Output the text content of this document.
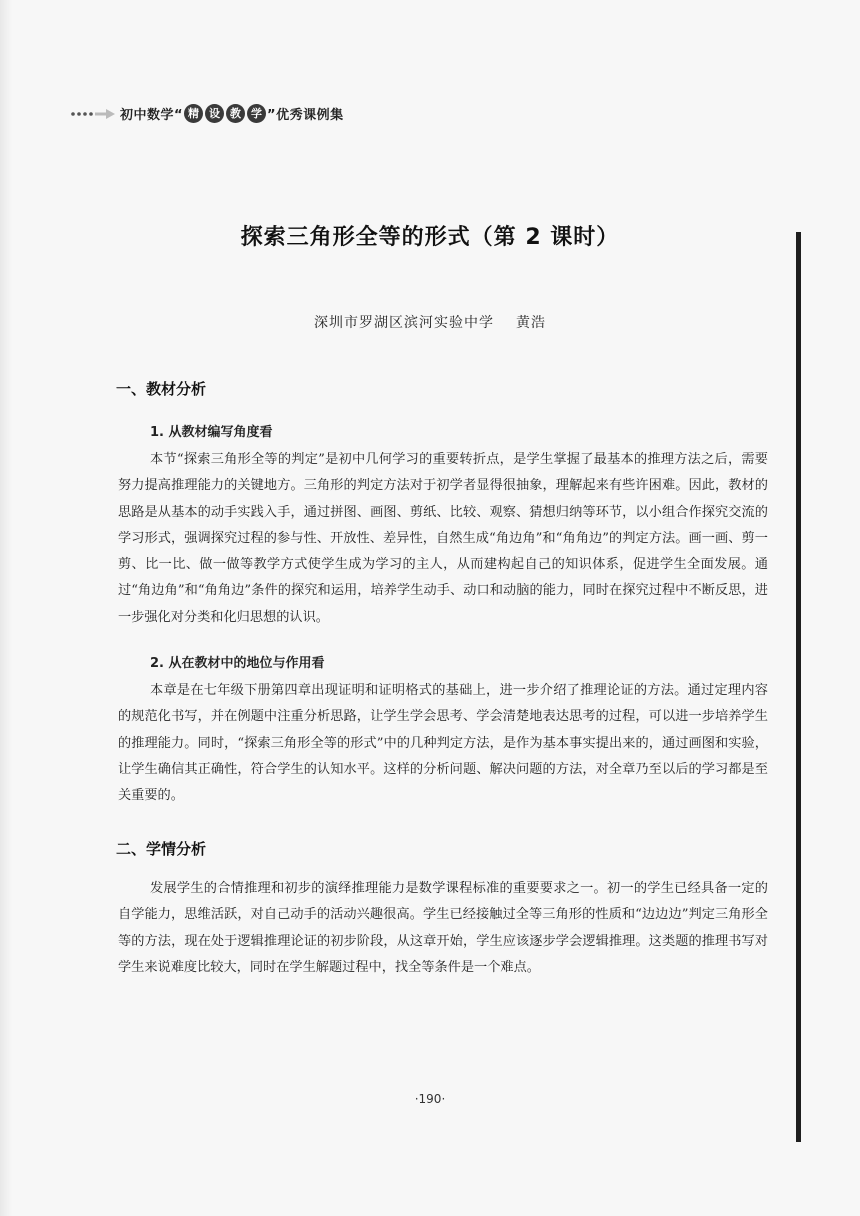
初中数学“ 精 设 教 学 ”优秀课例集
探索三角形全等的形式（第 2 课时）
深圳市罗湖区滨河实验中学 黄浩
一、教材分析
1. 从教材编写角度看

本节“探索三角形全等的判定”是初中几何学习的重要转折点，是学生掌握了最基本的推理方法之后，需要努力提高推理能力的关键地方。三角形的判定方法对于初学者显得很抽象，理解起来有些许困难。因此，教材的思路是从基本的动手实践入手，通过拼图、画图、剪纸、比较、观察、猜想归纳等环节，以小组合作探究交流的学习形式，强调探究过程的参与性、开放性、差异性，自然生成“角边角”和“角角边”的判定方法。画一画、剪一剪、比一比、做一做等教学方式使学生成为学习的主人，从而建构起自己的知识体系，促进学生全面发展。通过“角边角”和“角角边”条件的探究和运用，培养学生动手、动口和动脑的能力，同时在探究过程中不断反思，进一步强化对分类和化归思想的认识。

2. 从在教材中的地位与作用看

本章是在七年级下册第四章出现证明和证明格式的基础上，进一步介绍了推理论证的方法。通过定理内容的规范化书写，并在例题中注重分析思路，让学生学会思考、学会清楚地表达思考的过程，可以进一步培养学生的推理能力。同时，“探索三角形全等的形式”中的几种判定方法，是作为基本事实提出来的，通过画图和实验，让学生确信其正确性，符合学生的认知水平。这样的分析问题、解决问题的方法，对全章乃至以后的学习都是至关重要的。

二、学情分析

发展学生的合情推理和初步的演绎推理能力是数学课程标准的重要要求之一。初一的学生已经具备一定的自学能力，思维活跃，对自己动手的活动兴趣很高。学生已经接触过全等三角形的性质和“边边边”判定三角形全等的方法，现在处于逻辑推理论证的初步阶段，从这章开始，学生应该逐步学会逻辑推理。这类题的推理书写对学生来说难度比较大，同时在学生解题过程中，找全等条件是一个难点。

·190·
